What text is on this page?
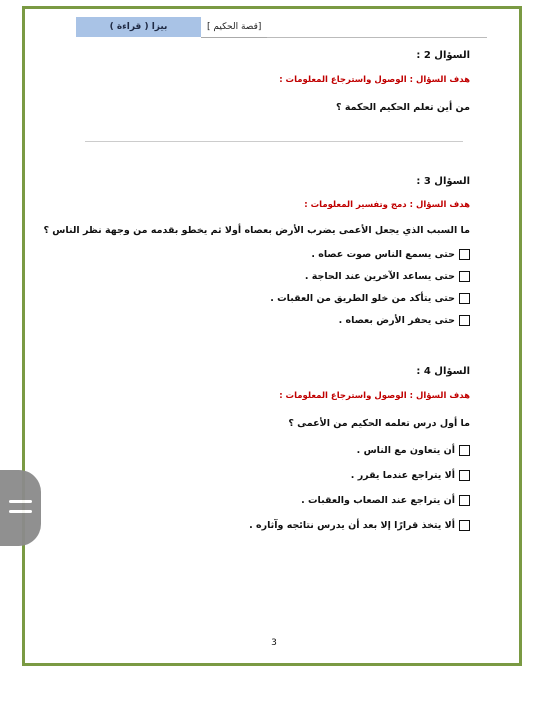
بيزا ( قراءة )	[قصة الحكيم ]
السؤال 2 :
هدف السؤال : الوصول واسترجاع المعلومات :
من أين تعلم الحكيم الحكمة ؟
السؤال 3 :
هدف السؤال : دمج وتفسير المعلومات :
ما السبب الذي يجعل الأعمى يضرب الأرض بعصاه أولا ثم يخطو بقدمه من وجهة نظر الناس ؟
حتى يسمع الناس صوت عصاه .
حتى يساعد الآخرين عند الحاجة .
حتى يتأكد من خلو الطريق من العقبات .
حتى يحفر الأرض بعصاه .
السؤال 4 :
هدف السؤال : الوصول واسترجاع المعلومات :
ما أول درس تعلمه الحكيم من الأعمى ؟
أن يتعاون مع الناس .
ألا يتراجع عندما يقرر .
أن يتراجع عند الصعاب والعقبات .
ألا يتخذ قرارًا إلا بعد أن يدرس نتائجه وآثاره .
3
